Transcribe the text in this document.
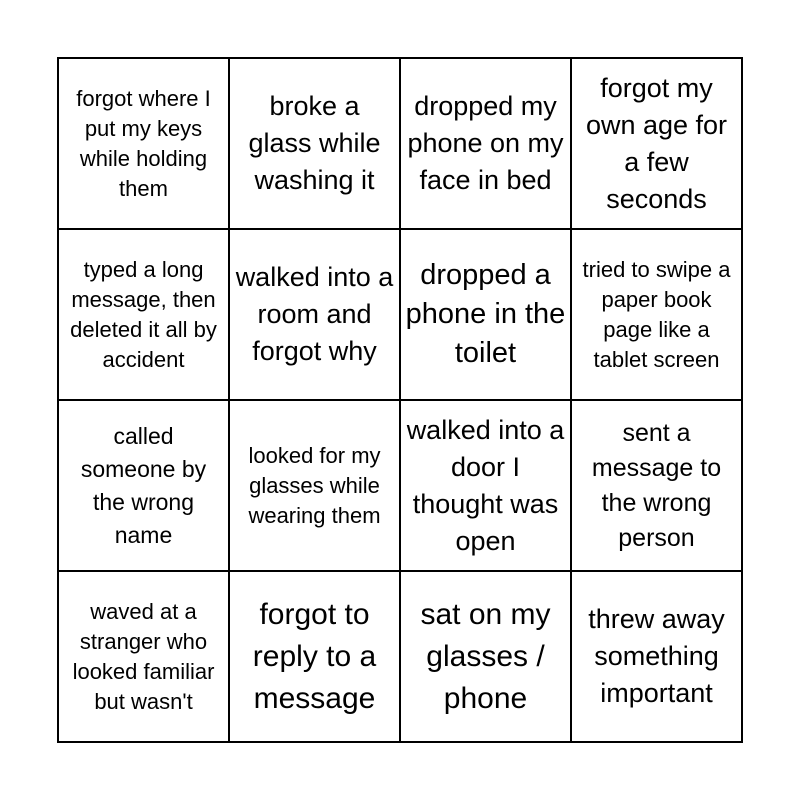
forgot where I put my keys while holding them
broke a glass while washing it
dropped my phone on my face in bed
forgot my own age for a few seconds
typed a long message, then deleted it all by accident
walked into a room and forgot why
dropped a phone in the toilet
tried to swipe a paper book page like a tablet screen
called someone by the wrong name
looked for my glasses while wearing them
walked into a door I thought was open
sent a message to the wrong person
waved at a stranger who looked familiar but wasn't
forgot to reply to a message
sat on my glasses / phone
threw away something important
